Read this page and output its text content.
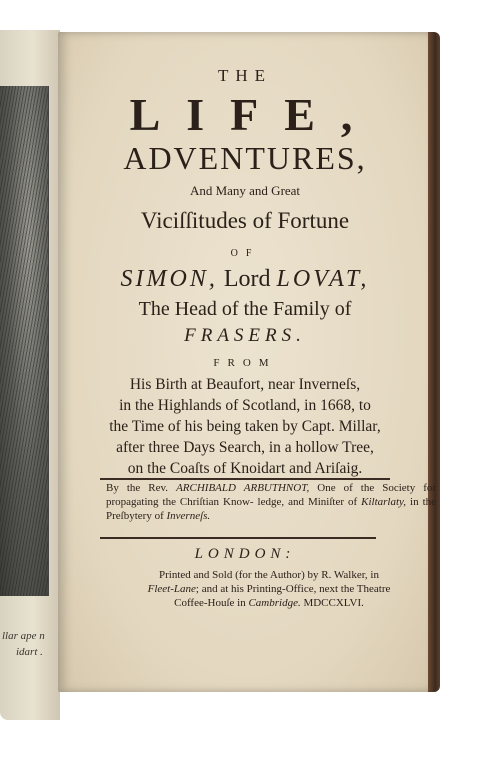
llar ape n
idart .
THE
LIFE,
ADVENTURES,
And Many and Great
Viciſſitudes of Fortune
OF
SIMON, Lord LOVAT,
The Head of the Family of
FRASERS.
FROM
His Birth at Beaufort, near Inverneſs,
in the Highlands of Scotland, in 1668, to
the Time of his being taken by Capt. Millar,
after three Days Search, in a hollow Tree,
on the Coaſts of Knoidart and Ariſaig.
By the Rev. ARCHIBALD ARBUTHNOT, One of the Society for propagating the Chriſtian Know- ledge, and Miniſter of Kiltarlaty, in the Preſbytery of Inverneſs.
LONDON:
Printed and Sold (for the Author) by R. Walker, in
Fleet-Lane; and at his Printing-Office, next the Theatre
Coffee-Houſe in Cambridge. MDCCXLVI.
